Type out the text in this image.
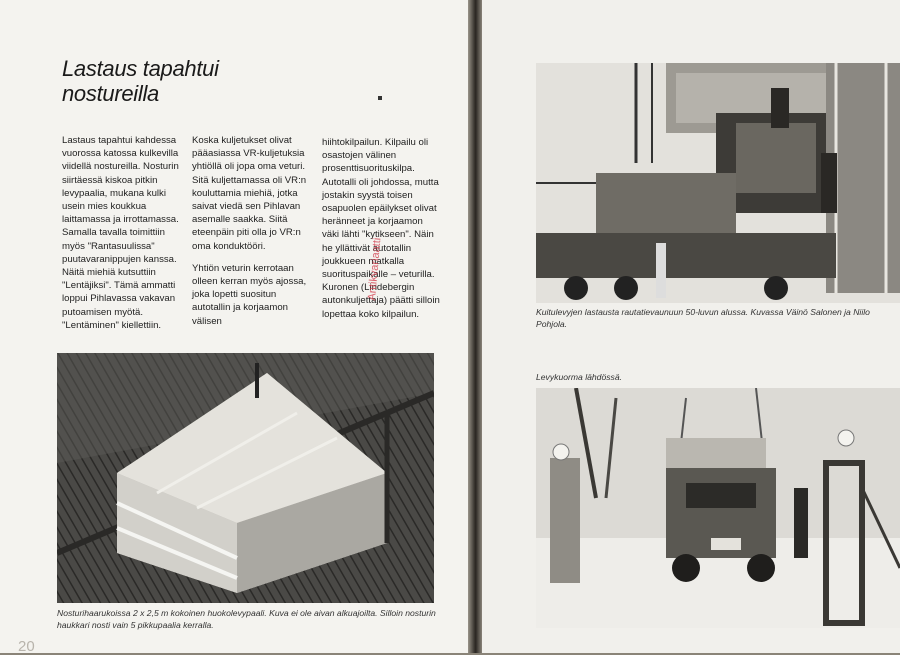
Lastaus tapahtui
nostureilla

Lastaus tapahtui kahdessa vuorossa katossa kulkevilla viidellä nostureilla. Nosturin siirtäessä kiskoa pitkin levypaalia, mukana kulki usein mies koukkua laittamassa ja irrottamassa. Samalla tavalla toimittiin myös "Rantasuulissa" puutavaranippujen kanssa. Näitä miehiä kutsuttiin "Lentäjiksi". Tämä ammatti loppui Pihlavassa vakavan putoamisen myötä. "Lentäminen" kiellettiin.

Koska kuljetukset olivat pääasiassa VR-kuljetuksia yhtiöllä oli jopa oma veturi. Sitä kuljettamassa oli VR:n kouluttamia miehiä, jotka saivat viedä sen Pihlavan asemalle saakka. Siitä eteenpäin piti olla jo VR:n oma konduktööri.

Yhtiön veturin kerrotaan olleen kerran myös ajossa, joka lopetti suositun autotallin ja korjaamon välisen

hiihtokilpailun. Kilpailu oli osastojen välinen prosenttisuorituskilpa. Autotalli oli johdossa, mutta jostakin syystä toisen osapuolen epäilykset olivat heränneet ja korjaamon väki lähti "kytikseen". Näin he yllättivät autotallin joukkueen matkalla suorituspaikalle – veturilla. Kuronen (Lindebergin autonkuljettaja) päätti silloin lopettaa koko kilpailun.

Nosturihaarukoissa 2 x 2,5 m kokoinen huokolevypaali. Kuva ei ole aivan alkuajoilta. Silloin nosturin haukkari nosti vain 5 pikkupaalia kerralla.
20
Antikvariaatti
Kuitulevyjen lastausta rautatievaunuun 50-luvun alussa. Kuvassa Väinö Salonen ja Niilo Pohjola.
Levykuorma lähdössä.
